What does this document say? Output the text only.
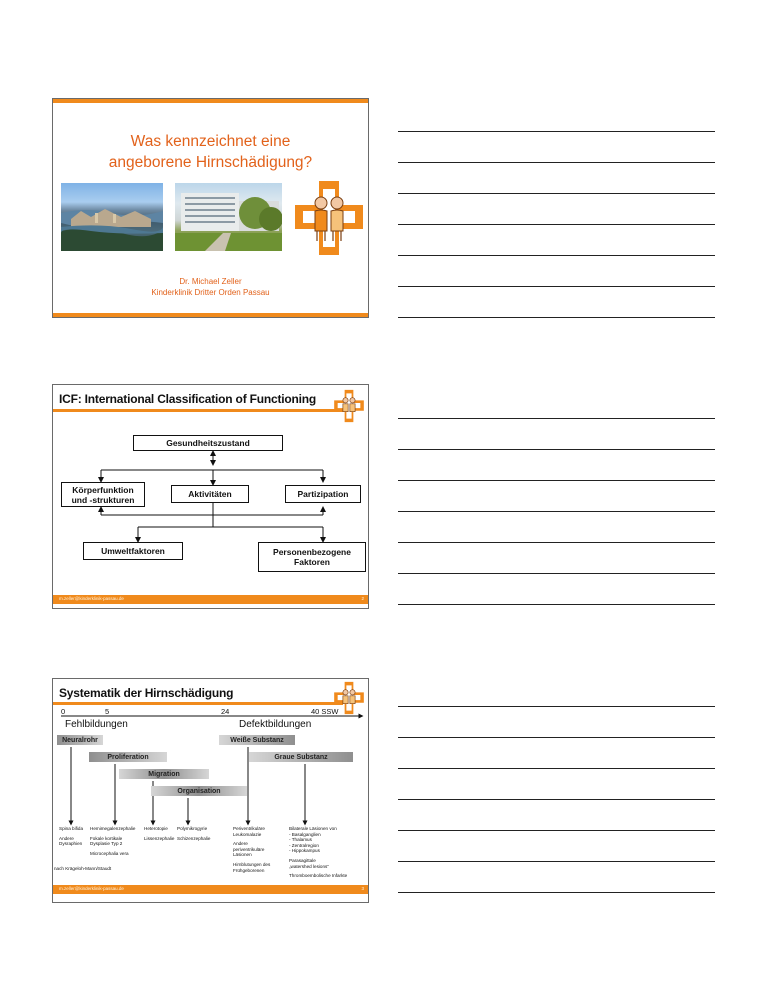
Was kennzeichnet eine
angeborene Hirnschädigung?
Dr. Michael Zeller
Kinderklinik Dritter Orden Passau
ICF: International Classification of Functioning
Gesundheitszustand
Körperfunktion
und -strukturen
Aktivitäten	Partizipation
Umweltfaktoren	Personenbezogene
Faktoren
m.zeller@kinderklinik-passau.de	2
Systematik der Hirnschädigung
0	5	24	40 SSW
Fehlbildungen	Defektbildungen
Neuralrohr	Weiße Substanz
Proliferation	Graue Substanz
Migration
Organisation
Spina bifida
Andere
Dysraphien
Hemimegalenzephalie
Fokale kortikale
Dysplasie Typ 2
Microcephalia vera
Heterotopie
Lissenzephalie
Polymikrogyrie
Schizenzephalie
Periventrikuläre
Leukomalazie
Andere
periventrikuläre
Läsionen
Hirnblutungen des
Frühgeborenen
Bilaterale Läsionen von
- Basalganglien
- Thalamus
- Zentralregion
- Hippokampus
Parasagittale
„watershed lesions“
Thromboembolische Infarkte
nach Krägeloh-Mann/Staudt
m.zeller@kinderklinik-passau.de	3
